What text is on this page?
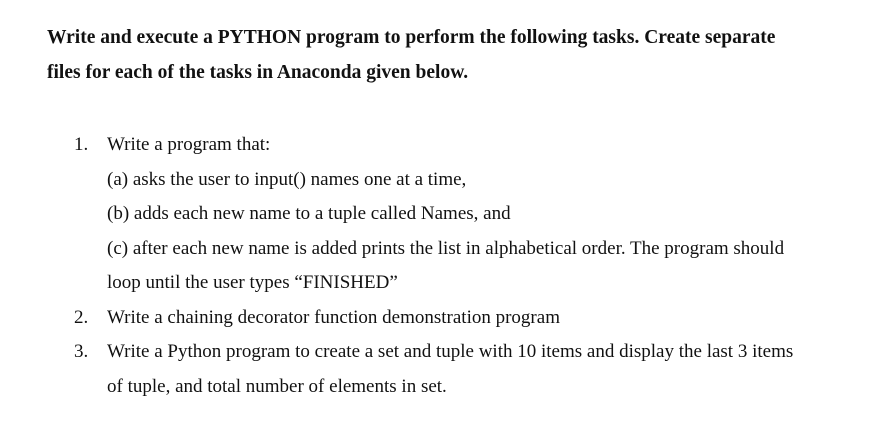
Write and execute a PYTHON program to perform the following tasks. Create separate
files for each of the tasks in Anaconda given below.

1. Write a program that:
(a) asks the user to input() names one at a time,
(b) adds each new name to a tuple called Names, and
(c) after each new name is added prints the list in alphabetical order. The program should
loop until the user types “FINISHED”
2. Write a chaining decorator function demonstration program
3. Write a Python program to create a set and tuple with 10 items and display the last 3 items
of tuple, and total number of elements in set.
